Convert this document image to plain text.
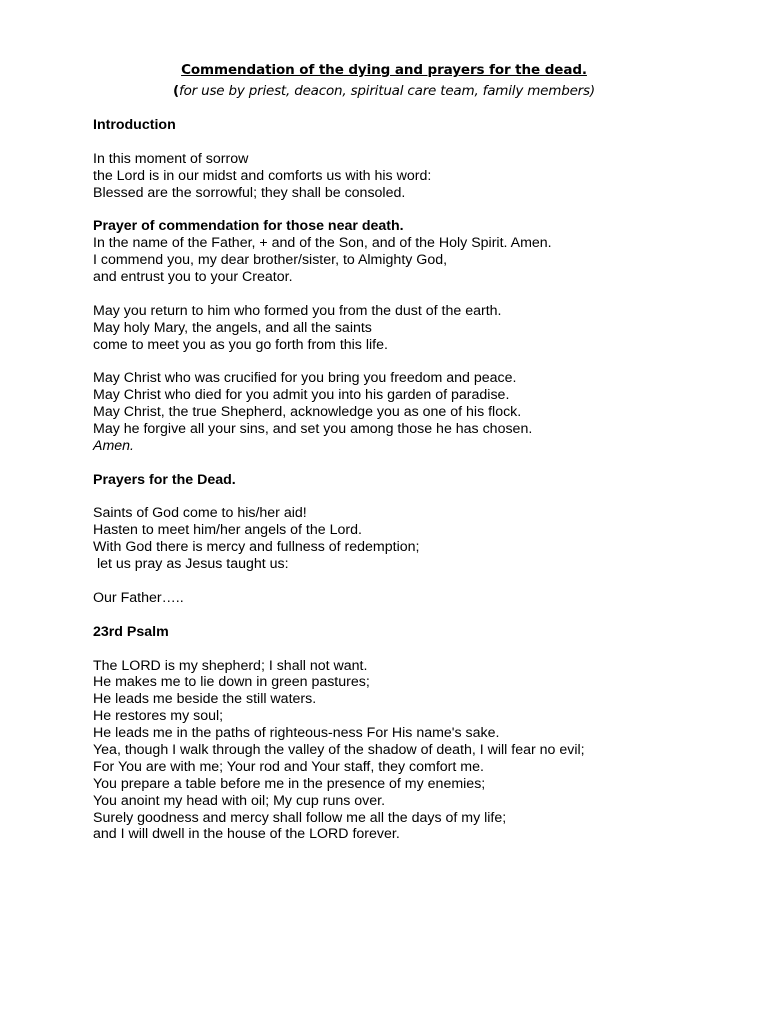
Commendation of the dying and prayers for the dead.
(for use by priest, deacon, spiritual care team, family members)
Introduction
In this moment of sorrow
the Lord is in our midst and comforts us with his word:
Blessed are the sorrowful; they shall be consoled.
Prayer of commendation for those near death.
In the name of the Father, + and of the Son, and of the Holy Spirit. Amen.
I commend you, my dear brother/sister, to Almighty God,
and entrust you to your Creator.
May you return to him who formed you from the dust of the earth.
May holy Mary, the angels, and all the saints
come to meet you as you go forth from this life.
May Christ who was crucified for you bring you freedom and peace.
May Christ who died for you admit you into his garden of paradise.
May Christ, the true Shepherd, acknowledge you as one of his flock.
May he forgive all your sins, and set you among those he has chosen.
Amen.
Prayers for the Dead.
Saints of God come to his/her aid!
Hasten to meet him/her angels of the Lord.
With God there is mercy and fullness of redemption;
let us pray as Jesus taught us:
Our Father…..
23rd Psalm
The LORD is my shepherd; I shall not want.
He makes me to lie down in green pastures;
He leads me beside the still waters.
He restores my soul;
He leads me in the paths of righteous-ness For His name's sake.
Yea, though I walk through the valley of the shadow of death, I will fear no evil;
For You are with me; Your rod and Your staff, they comfort me.
You prepare a table before me in the presence of my enemies;
You anoint my head with oil; My cup runs over.
Surely goodness and mercy shall follow me all the days of my life;
and I will dwell in the house of the LORD forever.
